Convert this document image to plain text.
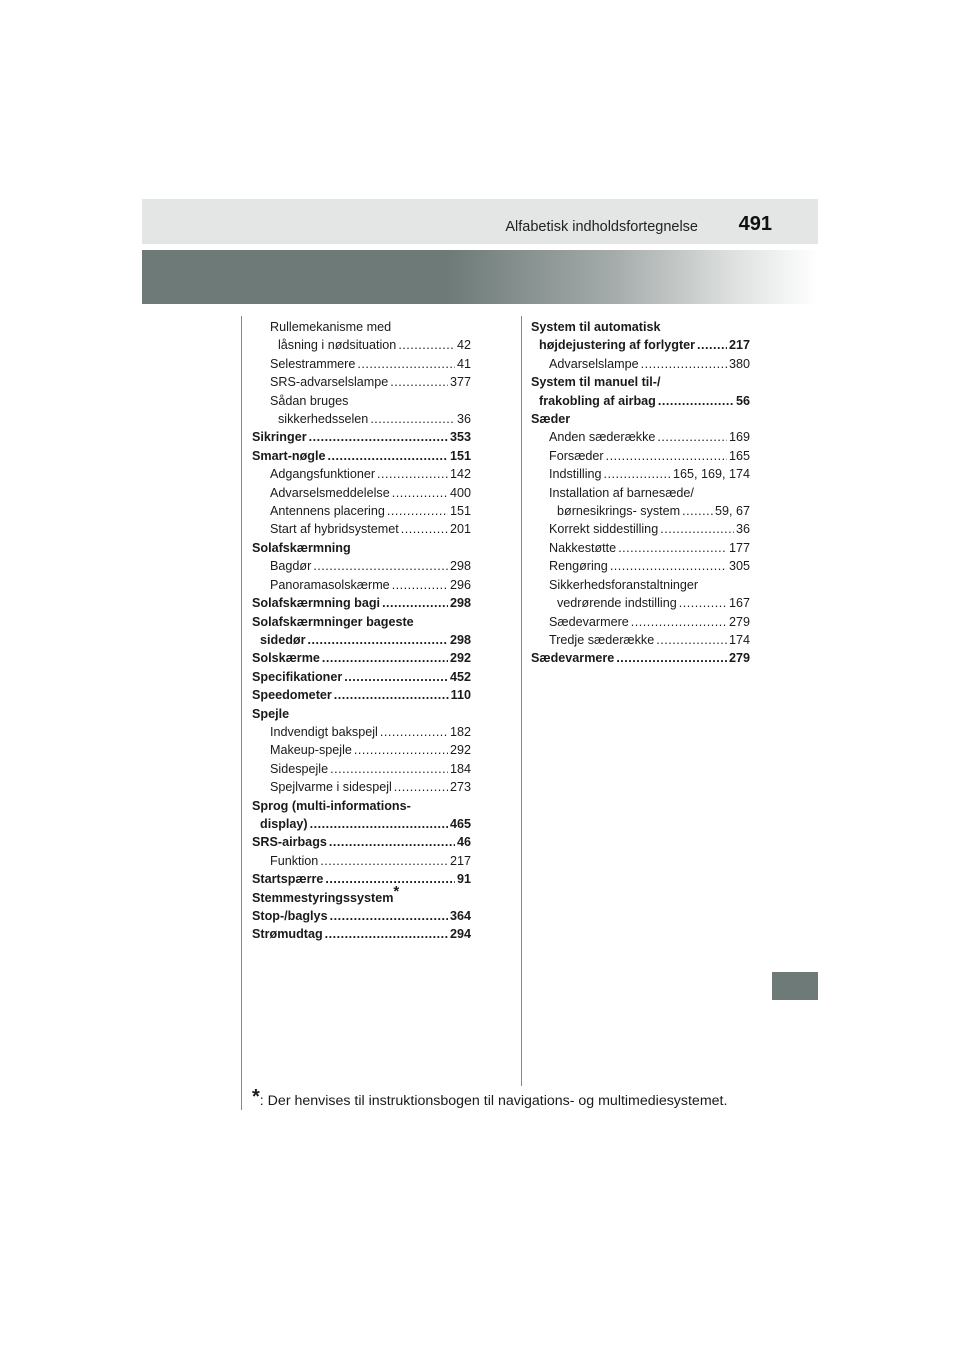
Alfabetisk indholdsfortegnelse 491
Rullemekanisme med
låsning i nødsituation .....	42
Selestrammere .....	41
SRS-advarselslampe .....	377
Sådan bruges
sikkerhedsselen .....	36
Sikringer .....	353
Smart-nøgle .....	151
Adgangsfunktioner .....	142
Advarselsmeddelelse .....	400
Antennens placering .....	151
Start af hybridsystemet .....	201
Solafskærmning
Bagdør .....	298
Panoramasolskærme .....	296
Solafskærmning bagi .....	298
Solafskærmninger bageste
sidedør .....	298
Solskærme .....	292
Specifikationer .....	452
Speedometer .....	110
Spejle
Indvendigt bakspejl .....	182
Makeup-spejle .....	292
Sidespejle .....	184
Spejlvarme i sidespejl .....	273
Sprog (multi-informations-
display) .....	465
SRS-airbags .....	46
Funktion .....	217
Startspærre .....	91
Stemmestyringssystem*
Stop-/baglys .....	364
Strømudtag .....	294
System til automatisk
højdejustering af forlygter .....	217
Advarselslampe .....	380
System til manuel til-/
frakobling af airbag .....	56
Sæder
Anden sæderække .....	169
Forsæder .....	165
Indstilling .....	165, 169, 174
Installation af barnesæde/
børnesikrings- system .....	59, 67
Korrekt siddestilling .....	36
Nakkestøtte .....	177
Rengøring .....	305
Sikkerhedsforanstaltninger
vedrørende indstilling .....	167
Sædevarmere .....	279
Tredje sæderække .....	174
Sædevarmere .....	279
*: Der henvises til instruktionsbogen til navigations- og multimediesystemet.
